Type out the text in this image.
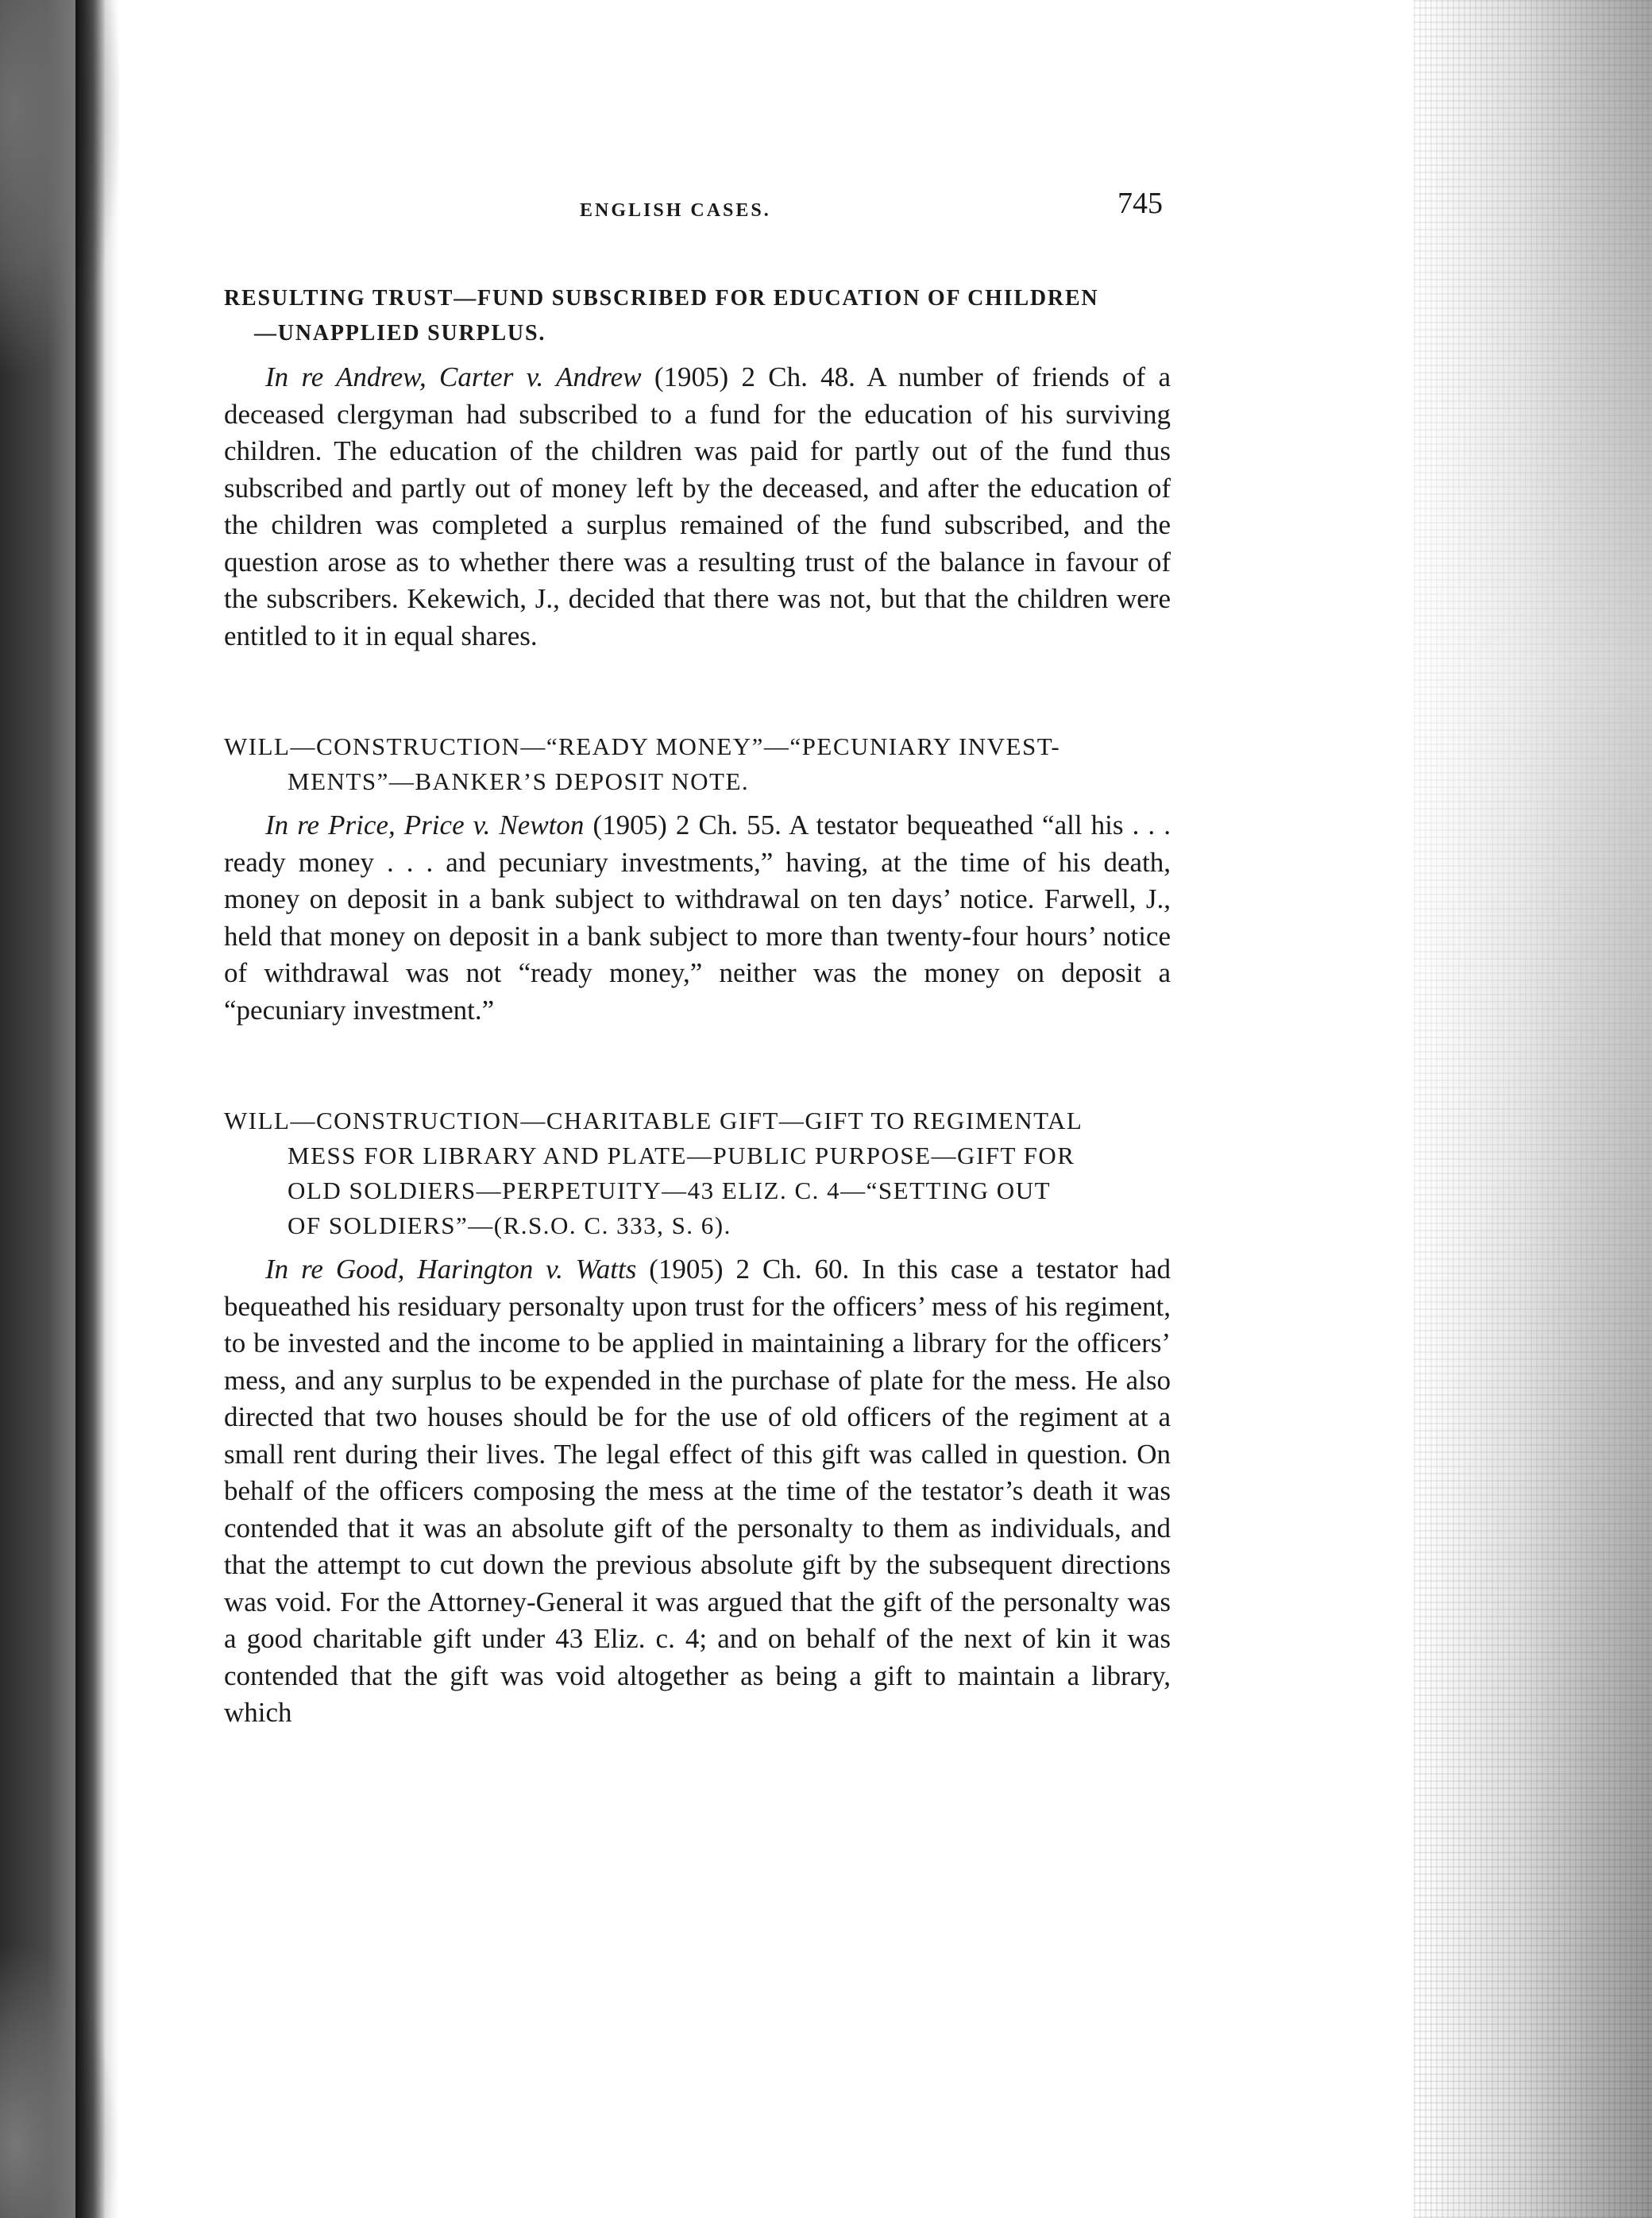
ENGLISH CASES.	745

RESULTING TRUST—FUND SUBSCRIBED FOR EDUCATION OF CHILDREN
—UNAPPLIED SURPLUS.

In re Andrew, Carter v. Andrew (1905) 2 Ch. 48. A number of friends of a deceased clergyman had subscribed to a fund for the education of his surviving children. The education of the children was paid for partly out of the fund thus subscribed and partly out of money left by the deceased, and after the education of the children was completed a surplus remained of the fund subscribed, and the question arose as to whether there was a resulting trust of the balance in favour of the subscribers. Kekewich, J., decided that there was not, but that the children were entitled to it in equal shares.

WILL—CONSTRUCTION—“READY MONEY”—“PECUNIARY INVEST-
MENTS”—BANKER’S DEPOSIT NOTE.

In re Price, Price v. Newton (1905) 2 Ch. 55. A testator bequeathed “all his . . . ready money . . . and pecuniary investments,” having, at the time of his death, money on deposit in a bank subject to withdrawal on ten days’ notice. Farwell, J., held that money on deposit in a bank subject to more than twenty-four hours’ notice of withdrawal was not “ready money,” neither was the money on deposit a “pecuniary investment.”

WILL—CONSTRUCTION—CHARITABLE GIFT—GIFT TO REGIMENTAL
MESS FOR LIBRARY AND PLATE—PUBLIC PURPOSE—GIFT FOR
OLD SOLDIERS—PERPETUITY—43 ELIZ. C. 4—“SETTING OUT
OF SOLDIERS”—(R.S.O. C. 333, S. 6).

In re Good, Harington v. Watts (1905) 2 Ch. 60. In this case a testator had bequeathed his residuary personalty upon trust for the officers’ mess of his regiment, to be invested and the income to be applied in maintaining a library for the officers’ mess, and any surplus to be expended in the purchase of plate for the mess. He also directed that two houses should be for the use of old officers of the regiment at a small rent during their lives. The legal effect of this gift was called in question. On behalf of the officers composing the mess at the time of the testator’s death it was contended that it was an absolute gift of the personalty to them as individuals, and that the attempt to cut down the previous absolute gift by the subsequent directions was void. For the Attorney-General it was argued that the gift of the personalty was a good charitable gift under 43 Eliz. c. 4; and on behalf of the next of kin it was contended that the gift was void altogether as being a gift to maintain a library, which
